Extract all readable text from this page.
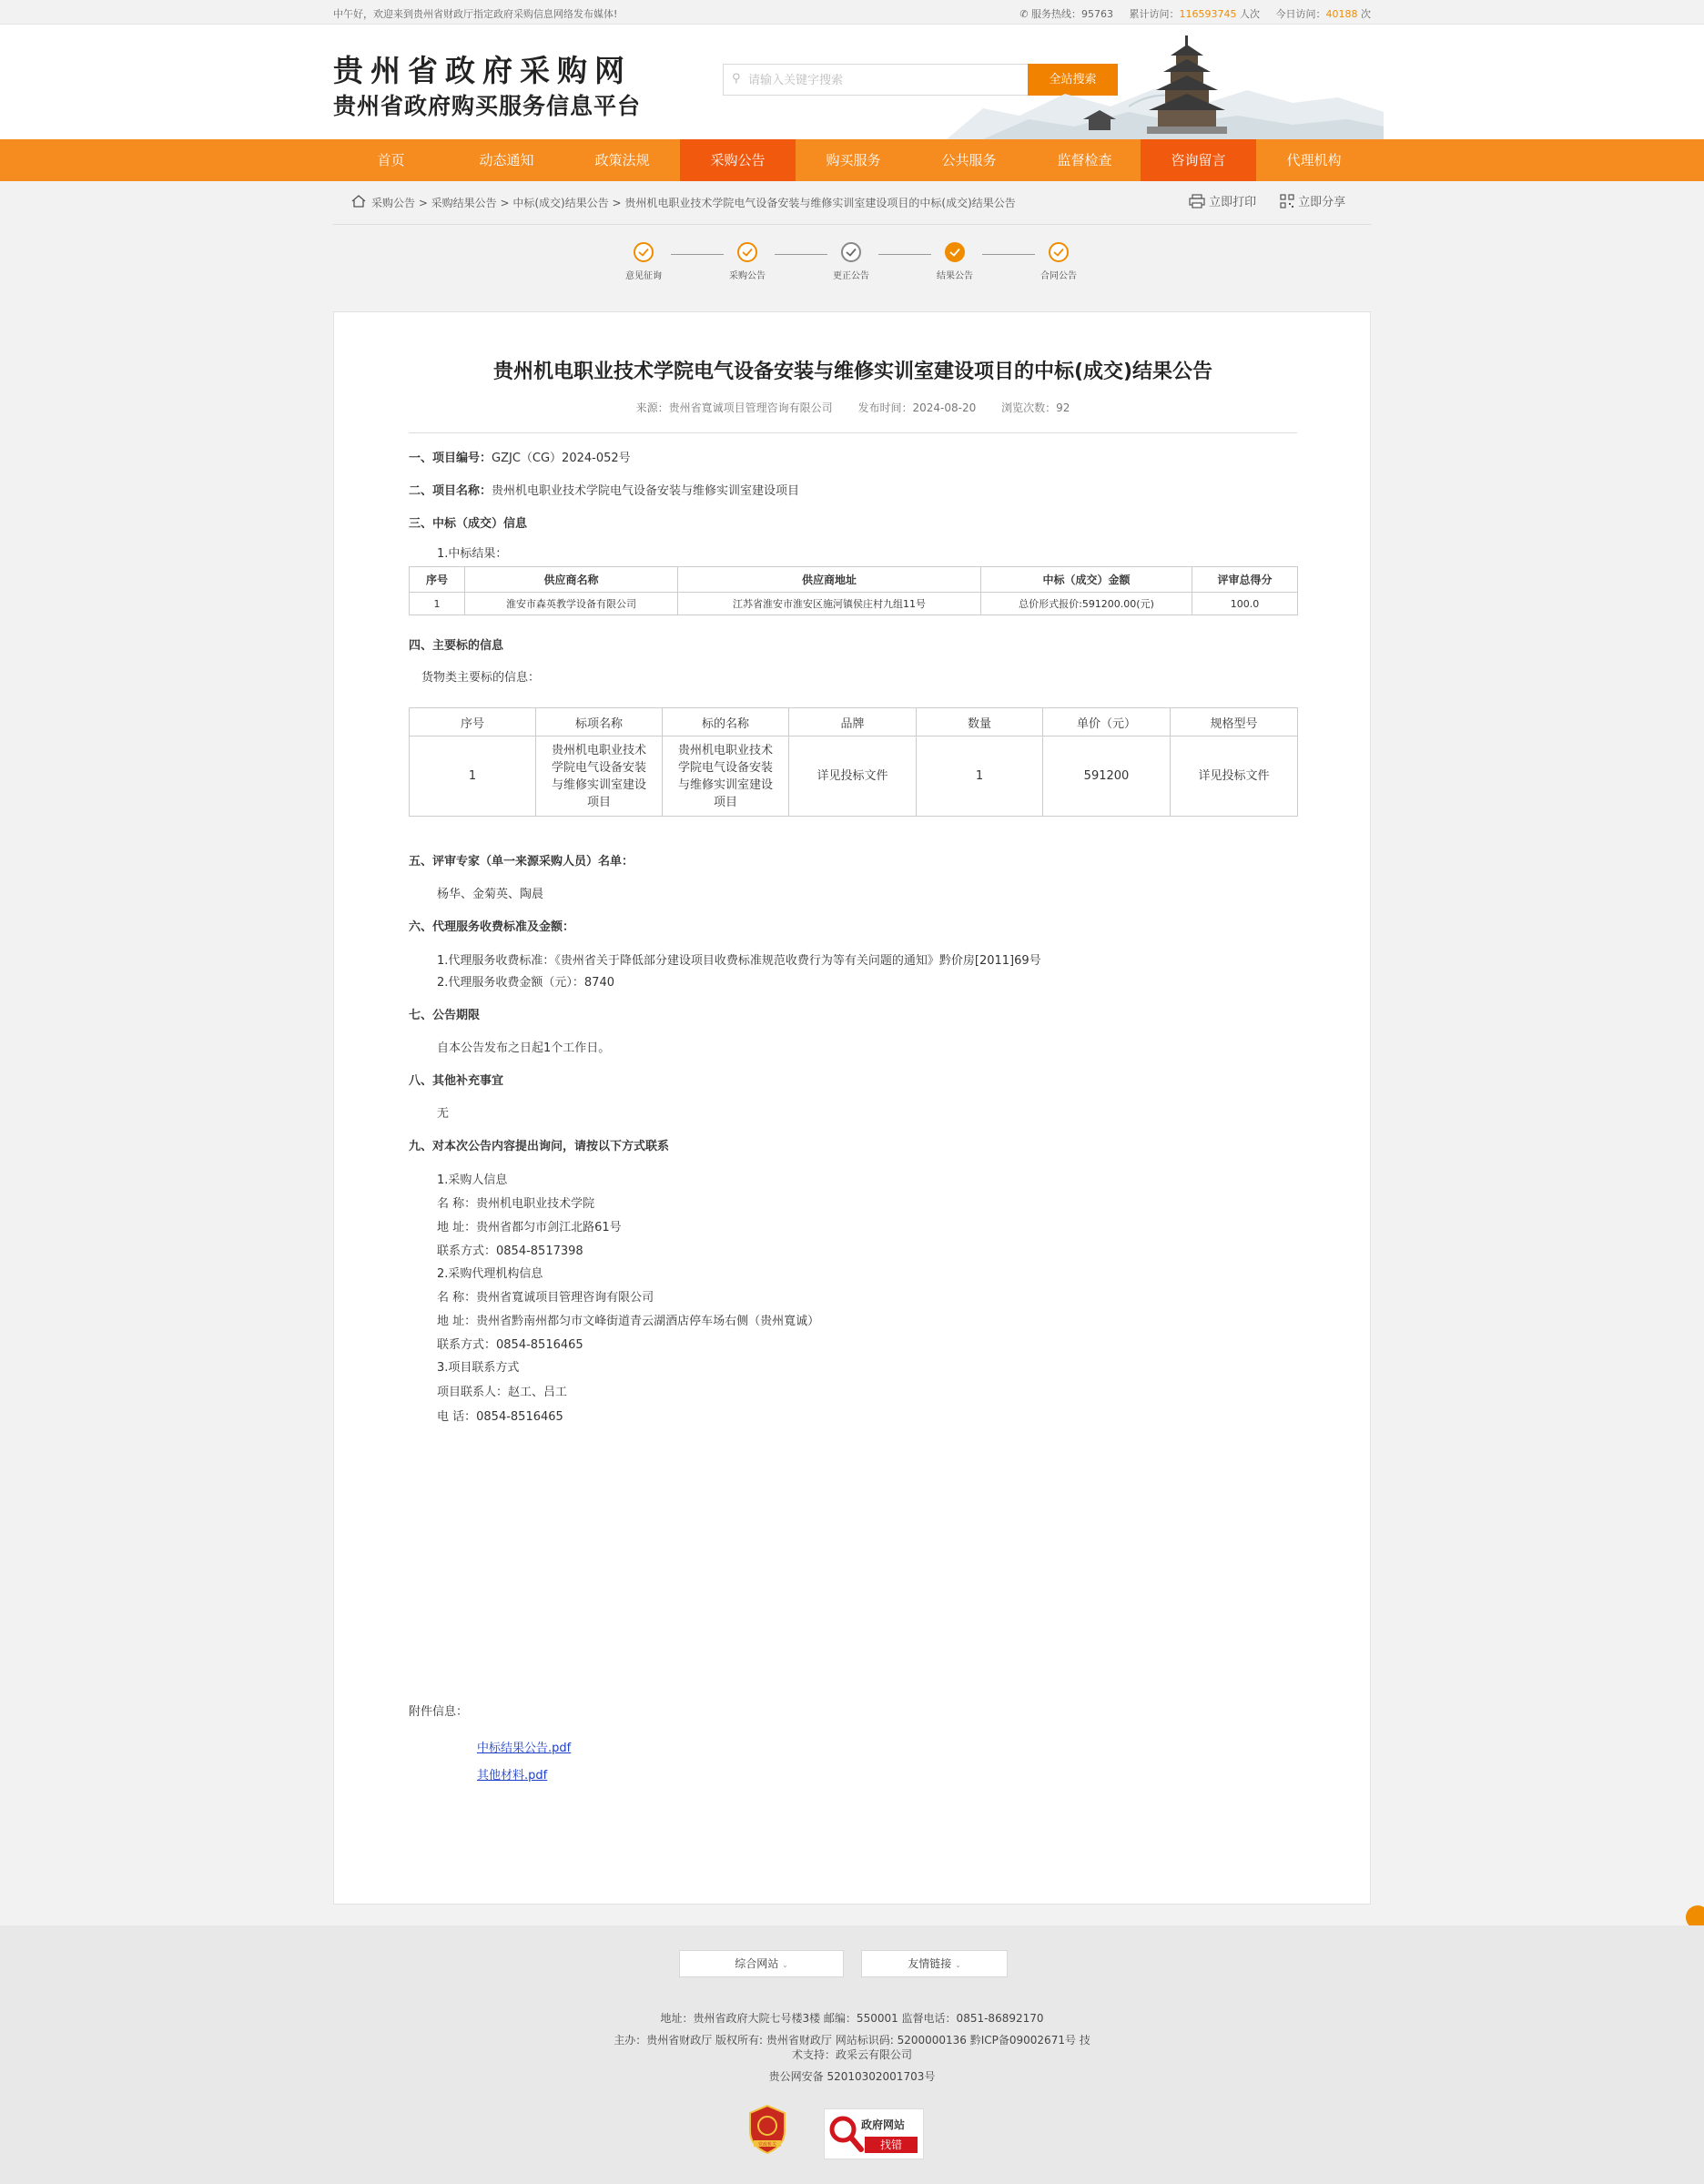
中午好，欢迎来到贵州省财政厅指定政府采购信息网络发布媒体!	✆ 服务热线：95763 累计访问：116593745 人次 今日访问：40188 次
贵州省政府采购网
贵州省政府购买服务信息平台
⚲
请输入关键字搜索	全站搜索
首页	动态通知	政策法规	采购公告	购买服务	公共服务	监督检查	咨询留言	代理机构
采购公告 > 采购结果公告 > 中标(成交)结果公告 > 贵州机电职业技术学院电气设备安装与维修实训室建设项目的中标(成交)结果公告	立即打印	立即分享
意见征询	采购公告	更正公告	结果公告	合同公告
贵州机电职业技术学院电气设备安装与维修实训室建设项目的中标(成交)结果公告
来源：贵州省寬诚项目管理咨询有限公司 发布时间：2024-08-20 浏览次数：92
一、项目编号：GZJC（CG）2024-052号
二、项目名称：贵州机电职业技术学院电气设备安装与维修实训室建设项目
三、中标（成交）信息
1.中标结果：
序号	供应商名称	供应商地址	中标（成交）金额	评审总得分
1	淮安市森英教学设备有限公司	江苏省淮安市淮安区施河镇侯庄村九组11号	总价形式报价:591200.00(元)	100.0
四、主要标的信息
货物类主要标的信息：
序号	标项名称	标的名称	品牌	数量	单价（元）	规格型号
1	贵州机电职业技术学院电气设备安装与维修实训室建设项目	贵州机电职业技术学院电气设备安装与维修实训室建设项目	详见投标文件	1	591200	详见投标文件
五、评审专家（单一来源采购人员）名单：
杨华、金菊英、陶晨
六、代理服务收费标准及金额：
1.代理服务收费标准：《贵州省关于降低部分建设项目收费标准规范收费行为等有关问题的通知》黔价房[2011]69号
2.代理服务收费金额（元）：8740
七、公告期限
自本公告发布之日起1个工作日。
八、其他补充事宜
无
九、对本次公告内容提出询问，请按以下方式联系
1.采购人信息
名 称：贵州机电职业技术学院
地 址：贵州省都匀市剑江北路61号
联系方式：0854-8517398
2.采购代理机构信息
名 称：贵州省寬诚项目管理咨询有限公司
地 址：贵州省黔南州都匀市文峰街道青云湖酒店停车场右侧（贵州寬诚）
联系方式：0854-8516465
3.项目联系方式
项目联系人：赵工、吕工
电 话：0854-8516465
附件信息：
中标结果公告.pdf
其他材料.pdf
综合网站 ⌄	友情链接 ⌄
地址：贵州省政府大院七号楼3楼 邮编：550001 监督电话：0851-86892170
主办：贵州省财政厅 版权所有: 贵州省财政厅 网站标识码: 5200000136 黔ICP备09002671号 技
术支持：政采云有限公司
贵公网安备 52010302001703号
党政机关
政府网站
找错
